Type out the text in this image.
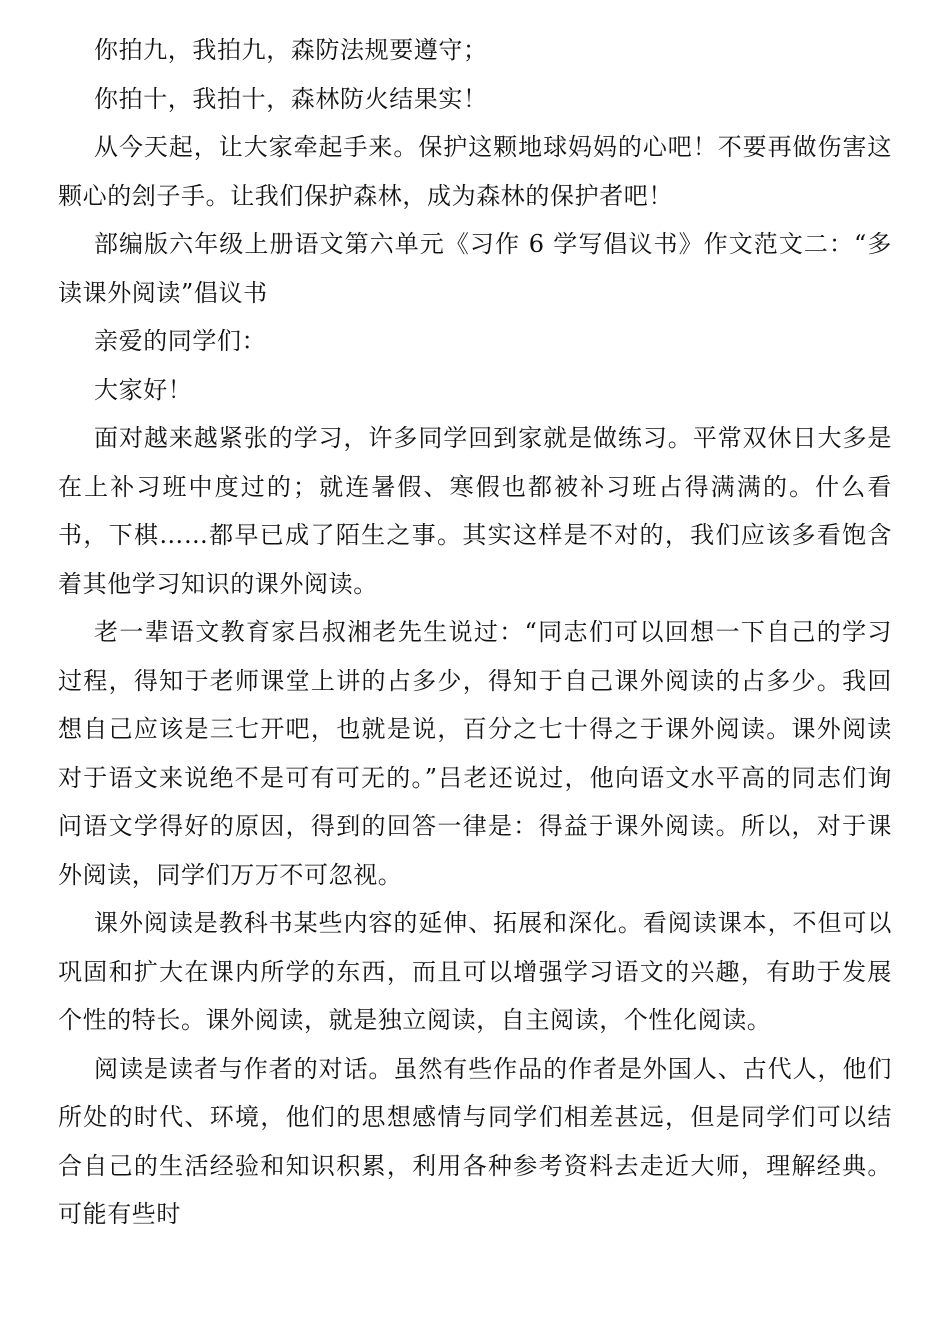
你拍九，我拍九，森防法规要遵守；

你拍十，我拍十，森林防火结果实！

从今天起，让大家牵起手来。保护这颗地球妈妈的心吧！不要再做伤害这颗心的刽子手。让我们保护森林，成为森林的保护者吧！

部编版六年级上册语文第六单元《习作 6 学写倡议书》作文范文二：“多读课外阅读”倡议书

亲爱的同学们：

大家好！

面对越来越紧张的学习，许多同学回到家就是做练习。平常双休日大多是在上补习班中度过的；就连暑假、寒假也都被补习班占得满满的。什么看书，下棋……都早已成了陌生之事。其实这样是不对的，我们应该多看饱含着其他学习知识的课外阅读。

老一辈语文教育家吕叔湘老先生说过：“同志们可以回想一下自己的学习过程，得知于老师课堂上讲的占多少，得知于自己课外阅读的占多少。我回想自己应该是三七开吧，也就是说，百分之七十得之于课外阅读。课外阅读对于语文来说绝不是可有可无的。”吕老还说过，他向语文水平高的同志们询问语文学得好的原因，得到的回答一律是：得益于课外阅读。所以，对于课外阅读，同学们万万不可忽视。

课外阅读是教科书某些内容的延伸、拓展和深化。看阅读课本，不但可以巩固和扩大在课内所学的东西，而且可以增强学习语文的兴趣，有助于发展个性的特长。课外阅读，就是独立阅读，自主阅读，个性化阅读。

阅读是读者与作者的对话。虽然有些作品的作者是外国人、古代人，他们所处的时代、环境，他们的思想感情与同学们相差甚远，但是同学们可以结合自己的生活经验和知识积累，利用各种参考资料去走近大师，理解经典。可能有些时
